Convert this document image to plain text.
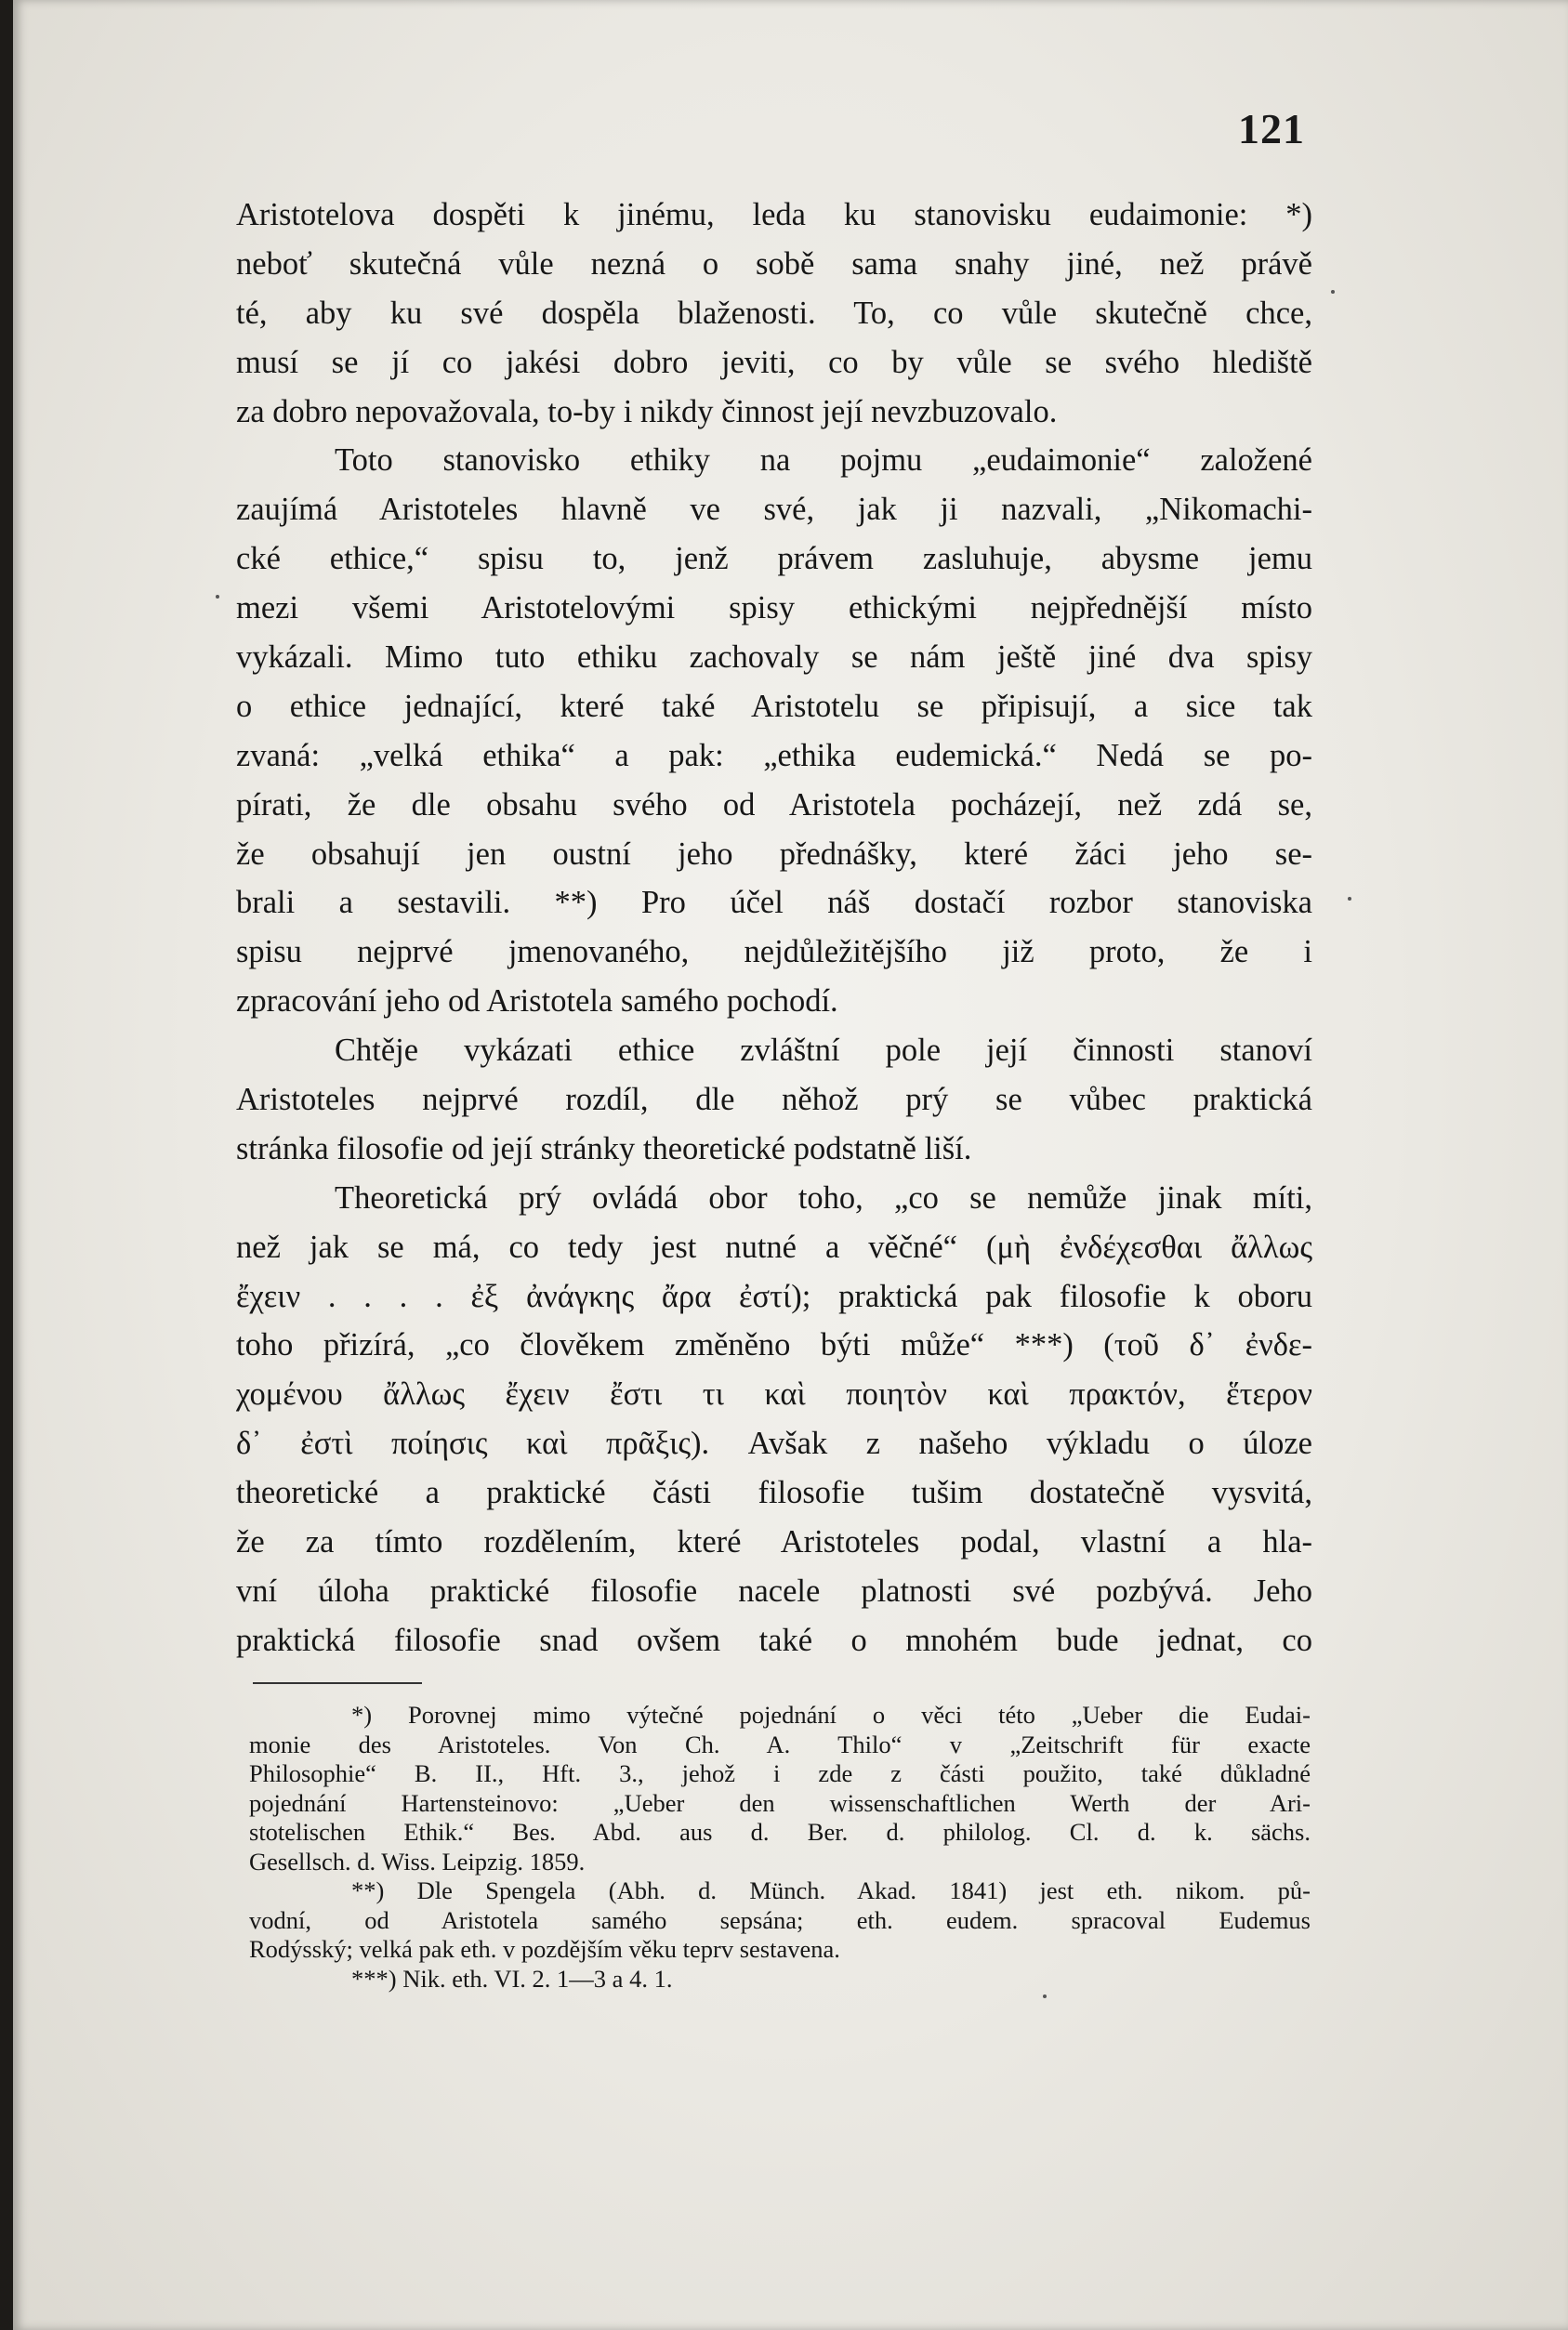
121
Aristotelova dospěti k jinému, leda ku stanovisku eudaimonie: *)
neboť skutečná vůle nezná o sobě sama snahy jiné, než právě
té, aby ku své dospěla blaženosti. To, co vůle skutečně chce,
musí se jí co jakési dobro jeviti, co by vůle se svého hlediště
za dobro nepovažovala, to-by i nikdy činnost její nevzbuzovalo.
Toto stanovisko ethiky na pojmu „eudaimonie“ založené
zaujímá Aristoteles hlavně ve své, jak ji nazvali, „Nikomachi-
cké ethice,“ spisu to, jenž právem zasluhuje, abysme jemu
mezi všemi Aristotelovými spisy ethickými nejpřednější místo
vykázali. Mimo tuto ethiku zachovaly se nám ještě jiné dva spisy
o ethice jednající, které také Aristotelu se připisují, a sice tak
zvaná: „velká ethika“ a pak: „ethika eudemická.“ Nedá se po-
pírati, že dle obsahu svého od Aristotela pocházejí, než zdá se,
že obsahují jen oustní jeho přednášky, které žáci jeho se-
brali a sestavili. **) Pro účel náš dostačí rozbor stanoviska
spisu nejprvé jmenovaného, nejdůležitějšího již proto, že i
zpracování jeho od Aristotela samého pochodí.
Chtěje vykázati ethice zvláštní pole její činnosti stanoví
Aristoteles nejprvé rozdíl, dle něhož prý se vůbec praktická
stránka filosofie od její stránky theoretické podstatně liší.
Theoretická prý ovládá obor toho, „co se nemůže jinak míti,
než jak se má, co tedy jest nutné a věčné“ (μὴ ἐνδέχεσθαι ἄλλως
ἔχειν . . . . ἐξ ἀνάγκης ἄρα ἐστί); praktická pak filosofie k oboru
toho přizírá, „co člověkem změněno býti může“ ***) (τοῦ δ᾽ ἐνδε-
χομένου ἄλλως ἔχειν ἔστι τι καὶ ποιητὸν καὶ πρακτόν, ἕτερον
δ᾽ ἐστὶ ποίησις καὶ πρᾶξις). Avšak z našeho výkladu o úloze
theoretické a praktické části filosofie tušim dostatečně vysvitá,
že za tímto rozdělením, které Aristoteles podal, vlastní a hla-
vní úloha praktické filosofie nacele platnosti své pozbývá. Jeho
praktická filosofie snad ovšem také o mnohém bude jednat, co
*) Porovnej mimo výtečné pojednání o věci této „Ueber die Eudai-
monie des Aristoteles. Von Ch. A. Thilo“ v „Zeitschrift für exacte
Philosophie“ B. II., Hft. 3., jehož i zde z části použito, také důkladné
pojednání Hartensteinovo: „Ueber den wissenschaftlichen Werth der Ari-
stotelischen Ethik.“ Bes. Abd. aus d. Ber. d. philolog. Cl. d. k. sächs.
Gesellsch. d. Wiss. Leipzig. 1859.
**) Dle Spengela (Abh. d. Münch. Akad. 1841) jest eth. nikom. pů-
vodní, od Aristotela samého sepsána; eth. eudem. spracoval Eudemus
Rodýsský; velká pak eth. v pozdějším věku teprv sestavena.
***) Nik. eth. VI. 2. 1—3 a 4. 1.
